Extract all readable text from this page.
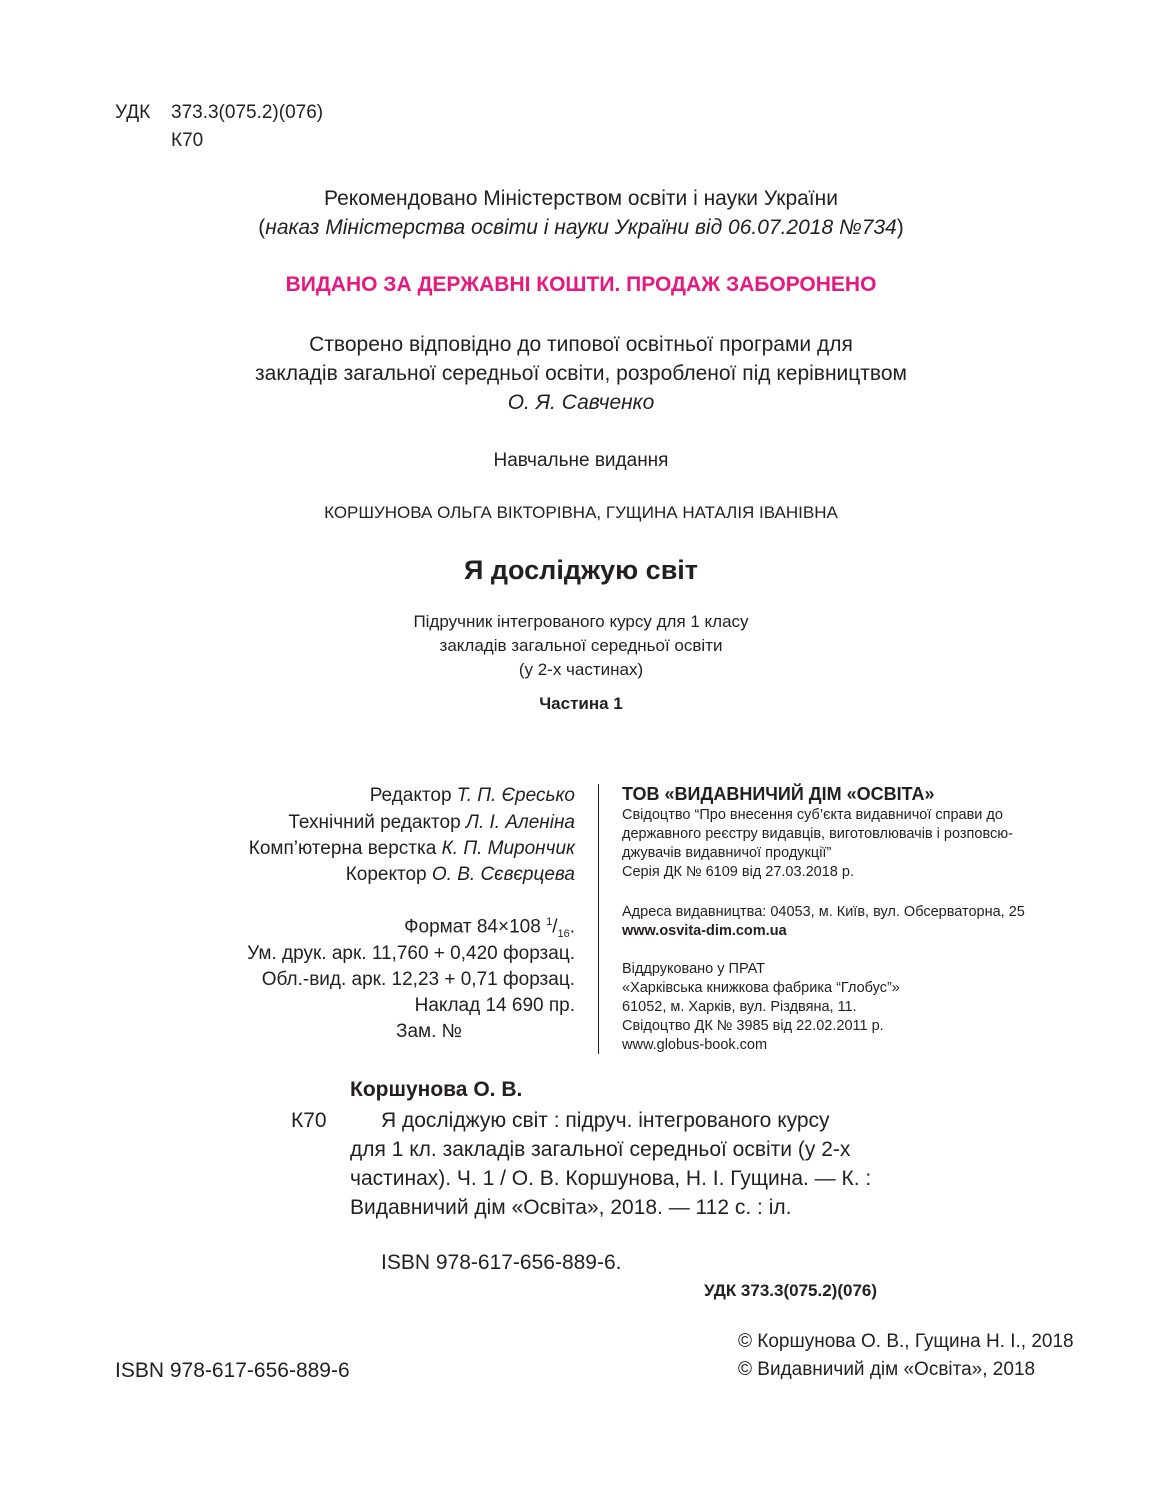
УДК 373.3(075.2)(076)
К70
Рекомендовано Міністерством освіти і науки України
(наказ Міністерства освіти і науки України від 06.07.2018 №734)
ВИДАНО ЗА ДЕРЖАВНІ КОШТИ. ПРОДАЖ ЗАБОРОНЕНО
Створено відповідно до типової освітньої програми для
закладів загальної середньої освіти, розробленої під керівництвом
О. Я. Савченко
Навчальне видання
КОРШУНОВА ОЛЬГА ВІКТОРІВНА, ГУЩИНА НАТАЛІЯ ІВАНІВНА
Я досліджую світ
Підручник інтегрованого курсу для 1 класу
закладів загальної середньої освіти
(у 2-х частинах)
Частина 1
Редактор Т. П. Єресько
Технічний редактор Л. І. Аленіна
Комп’ютерна верстка К. П. Мирончик
Коректор О. В. Сєвєрцева
Формат 84×108 $^1/_{16}$.
Ум. друк. арк. 11,760 + 0,420 форзац.
Обл.-вид. арк. 12,23 + 0,71 форзац.
Наклад 14 690 пр.
Зам. №
ТОВ «ВИДАВНИЧИЙ ДІМ «ОСВІТА»
Свідоцтво “Про внесення суб’єкта видавничої справи до
державного реєстру видавців, виготовлювачів і розповсю-
джувачів видавничої продукції”
Серія ДК № 6109 від 27.03.2018 р.
Адреса видавництва: 04053, м. Київ, вул. Обсерваторна, 25
www.osvita-dim.com.ua
Віддруковано у ПРАТ
«Харківська книжкова фабрика “Глобус”»
61052, м. Харків, вул. Різдвяна, 11.
Свідоцтво ДК № 3985 від 22.02.2011 р.
www.globus-book.com
Коршунова О. В.
К70	Я досліджую світ : підруч. інтегрованого курсу
для 1 кл. закладів загальної середньої освіти (у 2-х
частинах). Ч. 1 / О. В. Коршунова, Н. І. Гущина. — К. :
Видавничий дім «Освіта», 2018. — 112 с. : іл.
ISBN 978-617-656-889-6.
УДК 373.3(075.2)(076)
© Коршунова О. В., Гущина Н. І., 2018
© Видавничий дім «Освіта», 2018
ISBN 978-617-656-889-6
